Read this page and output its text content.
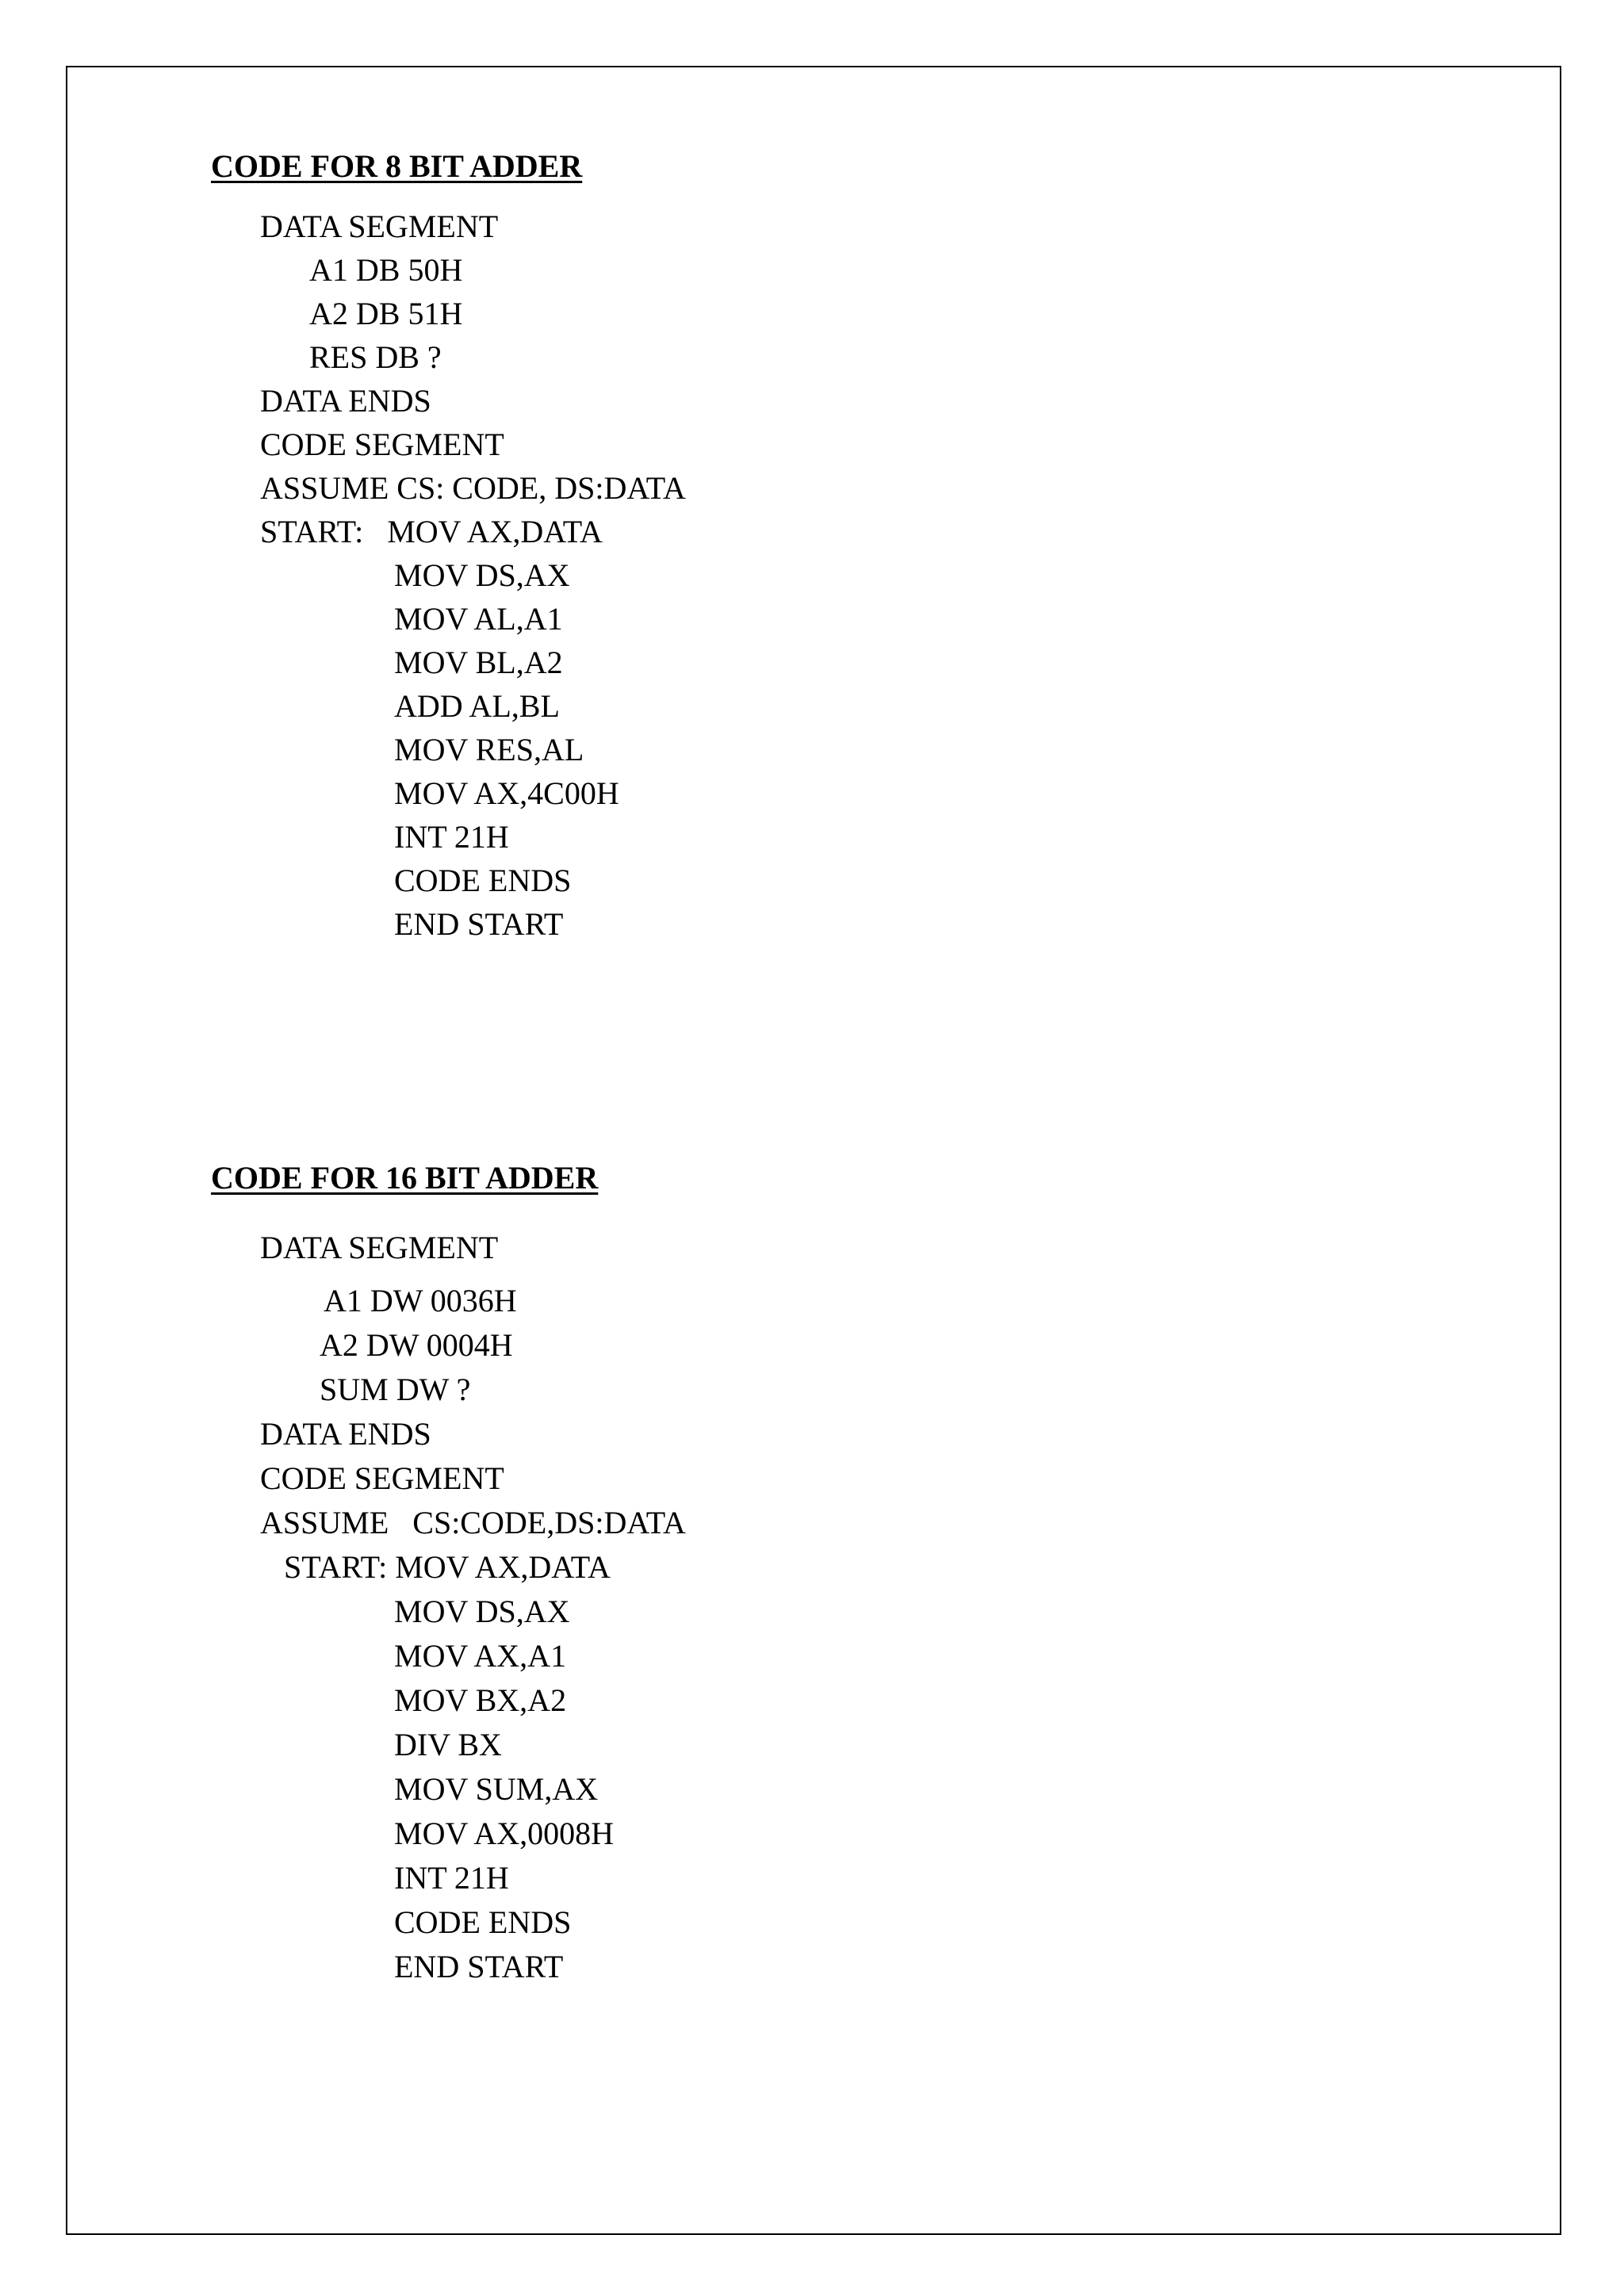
CODE FOR 8 BIT ADDER
DATA SEGMENT
A1 DB 50H
A2 DB 51H
RES DB ?
DATA ENDS
CODE SEGMENT
ASSUME CS: CODE, DS:DATA
START:   MOV AX,DATA
MOV DS,AX
MOV AL,A1
MOV BL,A2
ADD AL,BL
MOV RES,AL
MOV AX,4C00H
INT 21H
CODE ENDS
END START
CODE FOR 16 BIT ADDER
DATA SEGMENT
A1 DW 0036H
A2 DW 0004H
SUM DW ?
DATA ENDS
CODE SEGMENT
ASSUME   CS:CODE,DS:DATA
START: MOV AX,DATA
MOV DS,AX
MOV AX,A1
MOV BX,A2
DIV BX
MOV SUM,AX
MOV AX,0008H
INT 21H
CODE ENDS
END START
